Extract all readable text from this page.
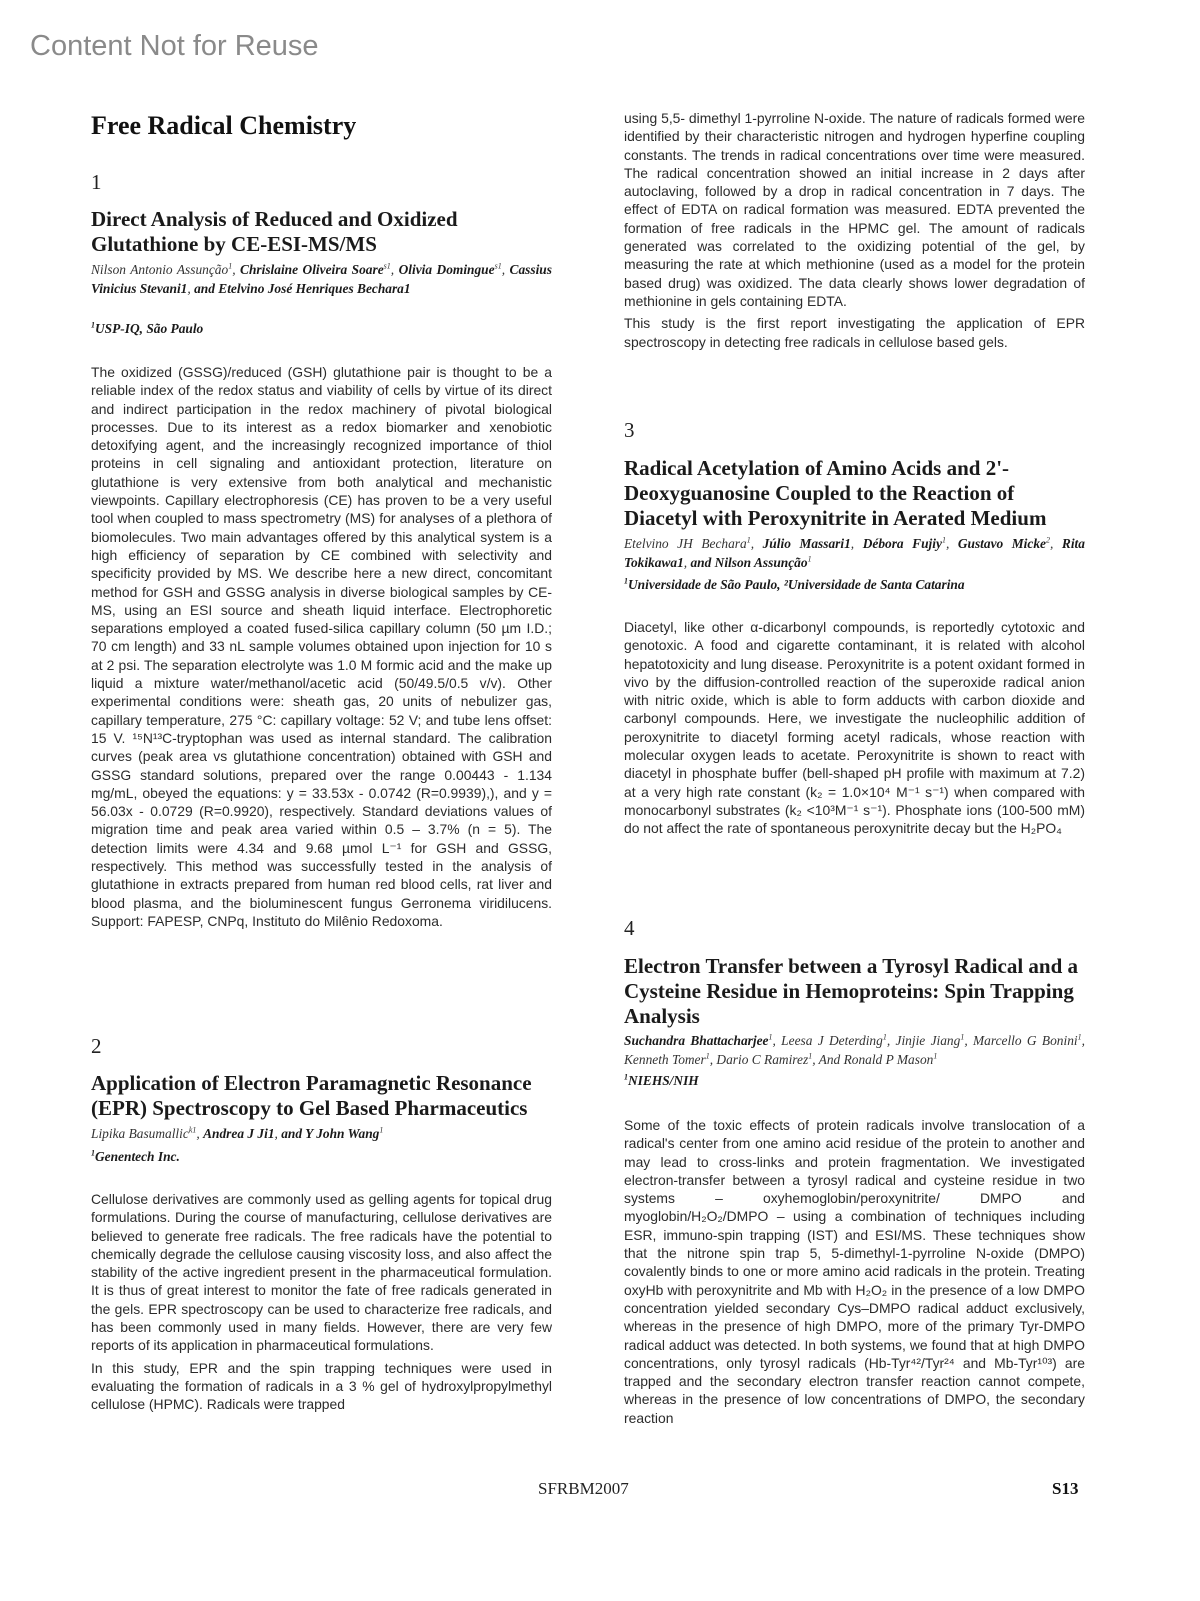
Content Not for Reuse
Free Radical Chemistry
1
Direct Analysis of Reduced and Oxidized Glutathione by CE-ESI-MS/MS
Nilson Antonio Assunção$^1$, Chrislaine Oliveira Soare$^{s1}$, Olivia Domingue$^{s1}$, Cassius Vinicius Stevani1, and Etelvino José Henriques Bechara1
$^1$USP-IQ, São Paulo

The oxidized (GSSG)/reduced (GSH) glutathione pair is thought to be a reliable index of the redox status and viability of cells by virtue of its direct and indirect participation in the redox machinery of pivotal biological processes. Due to its interest as a redox biomarker and xenobiotic detoxifying agent, and the increasingly recognized importance of thiol proteins in cell signaling and antioxidant protection, literature on glutathione is very extensive from both analytical and mechanistic viewpoints. Capillary electrophoresis (CE) has proven to be a very useful tool when coupled to mass spectrometry (MS) for analyses of a plethora of biomolecules. Two main advantages offered by this analytical system is a high efficiency of separation by CE combined with selectivity and specificity provided by MS. We describe here a new direct, concomitant method for GSH and GSSG analysis in diverse biological samples by CE-MS, using an ESI source and sheath liquid interface. Electrophoretic separations employed a coated fused-silica capillary column (50 µm I.D.; 70 cm length) and 33 nL sample volumes obtained upon injection for 10 s at 2 psi. The separation electrolyte was 1.0 M formic acid and the make up liquid a mixture water/methanol/acetic acid (50/49.5/0.5 v/v). Other experimental conditions were: sheath gas, 20 units of nebulizer gas, capillary temperature, 275 °C: capillary voltage: 52 V; and tube lens offset: 15 V. ¹⁵N¹³C-tryptophan was used as internal standard. The calibration curves (peak area vs glutathione concentration) obtained with GSH and GSSG standard solutions, prepared over the range 0.00443 - 1.134 mg/mL, obeyed the equations: y = 33.53x - 0.0742 (R=0.9939),), and y = 56.03x - 0.0729 (R=0.9920), respectively. Standard deviations values of migration time and peak area varied within 0.5 – 3.7% (n = 5). The detection limits were 4.34 and 9.68 µmol L⁻¹ for GSH and GSSG, respectively. This method was successfully tested in the analysis of glutathione in extracts prepared from human red blood cells, rat liver and blood plasma, and the bioluminescent fungus Gerronema viridilucens. Support: FAPESP, CNPq, Instituto do Milênio Redoxoma.

2
Application of Electron Paramagnetic Resonance (EPR) Spectroscopy to Gel Based Pharmaceutics
Lipika Basumallic$^{k1}$, Andrea J Ji1, and Y John Wang$^1$
$^1$Genentech Inc.

Cellulose derivatives are commonly used as gelling agents for topical drug formulations. During the course of manufacturing, cellulose derivatives are believed to generate free radicals. The free radicals have the potential to chemically degrade the cellulose causing viscosity loss, and also affect the stability of the active ingredient present in the pharmaceutical formulation. It is thus of great interest to monitor the fate of free radicals generated in the gels. EPR spectroscopy can be used to characterize free radicals, and has been commonly used in many fields. However, there are very few reports of its application in pharmaceutical formulations.

In this study, EPR and the spin trapping techniques were used in evaluating the formation of radicals in a 3 % gel of hydroxylpropylmethyl cellulose (HPMC). Radicals were trapped

using 5,5- dimethyl 1-pyrroline N-oxide. The nature of radicals formed were identified by their characteristic nitrogen and hydrogen hyperfine coupling constants. The trends in radical concentrations over time were measured. The radical concentration showed an initial increase in 2 days after autoclaving, followed by a drop in radical concentration in 7 days. The effect of EDTA on radical formation was measured. EDTA prevented the formation of free radicals in the HPMC gel. The amount of radicals generated was correlated to the oxidizing potential of the gel, by measuring the rate at which methionine (used as a model for the protein based drug) was oxidized. The data clearly shows lower degradation of methionine in gels containing EDTA.

This study is the first report investigating the application of EPR spectroscopy in detecting free radicals in cellulose based gels.

3
Radical Acetylation of Amino Acids and 2'-Deoxyguanosine Coupled to the Reaction of Diacetyl with Peroxynitrite in Aerated Medium
Etelvino JH Bechara$^1$, Júlio Massari1, Débora Fujiy$^1$, Gustavo Micke$^2$, Rita Tokikawa1, and Nilson Assunção$^1$
$^1$Universidade de São Paulo, ²Universidade de Santa Catarina

Diacetyl, like other α-dicarbonyl compounds, is reportedly cytotoxic and genotoxic. A food and cigarette contaminant, it is related with alcohol hepatotoxicity and lung disease. Peroxynitrite is a potent oxidant formed in vivo by the diffusion-controlled reaction of the superoxide radical anion with nitric oxide, which is able to form adducts with carbon dioxide and carbonyl compounds. Here, we investigate the nucleophilic addition of peroxynitrite to diacetyl forming acetyl radicals, whose reaction with molecular oxygen leads to acetate. Peroxynitrite is shown to react with diacetyl in phosphate buffer (bell-shaped pH profile with maximum at 7.2) at a very high rate constant (k₂ = 1.0×10⁴ M⁻¹ s⁻¹) when compared with monocarbonyl substrates (k₂ <10³M⁻¹ s⁻¹). Phosphate ions (100-500 mM) do not affect the rate of spontaneous peroxynitrite decay but the H₂PO₄

4
Electron Transfer between a Tyrosyl Radical and a Cysteine Residue in Hemoproteins: Spin Trapping Analysis
Suchandra Bhattacharjee$^1$, Leesa J Deterding$^1$, Jinjie Jiang$^1$, Marcello G Bonini$^1$, Kenneth Tomer$^1$, Dario C Ramirez$^1$, And Ronald P Mason$^1$
$^1$NIEHS/NIH

Some of the toxic effects of protein radicals involve translocation of a radical's center from one amino acid residue of the protein to another and may lead to cross-links and protein fragmentation. We investigated electron-transfer between a tyrosyl radical and cysteine residue in two systems – oxyhemoglobin/peroxynitrite/ DMPO and myoglobin/H₂O₂/DMPO – using a combination of techniques including ESR, immuno-spin trapping (IST) and ESI/MS. These techniques show that the nitrone spin trap 5, 5-dimethyl-1-pyrroline N-oxide (DMPO) covalently binds to one or more amino acid radicals in the protein. Treating oxyHb with peroxynitrite and Mb with H₂O₂ in the presence of a low DMPO concentration yielded secondary Cys–DMPO radical adduct exclusively, whereas in the presence of high DMPO, more of the primary Tyr-DMPO radical adduct was detected. In both systems, we found that at high DMPO concentrations, only tyrosyl radicals (Hb-Tyr⁴²/Tyr²⁴ and Mb-Tyr¹⁰³) are trapped and the secondary electron transfer reaction cannot compete, whereas in the presence of low concentrations of DMPO, the secondary reaction

SFRBM2007	S13
